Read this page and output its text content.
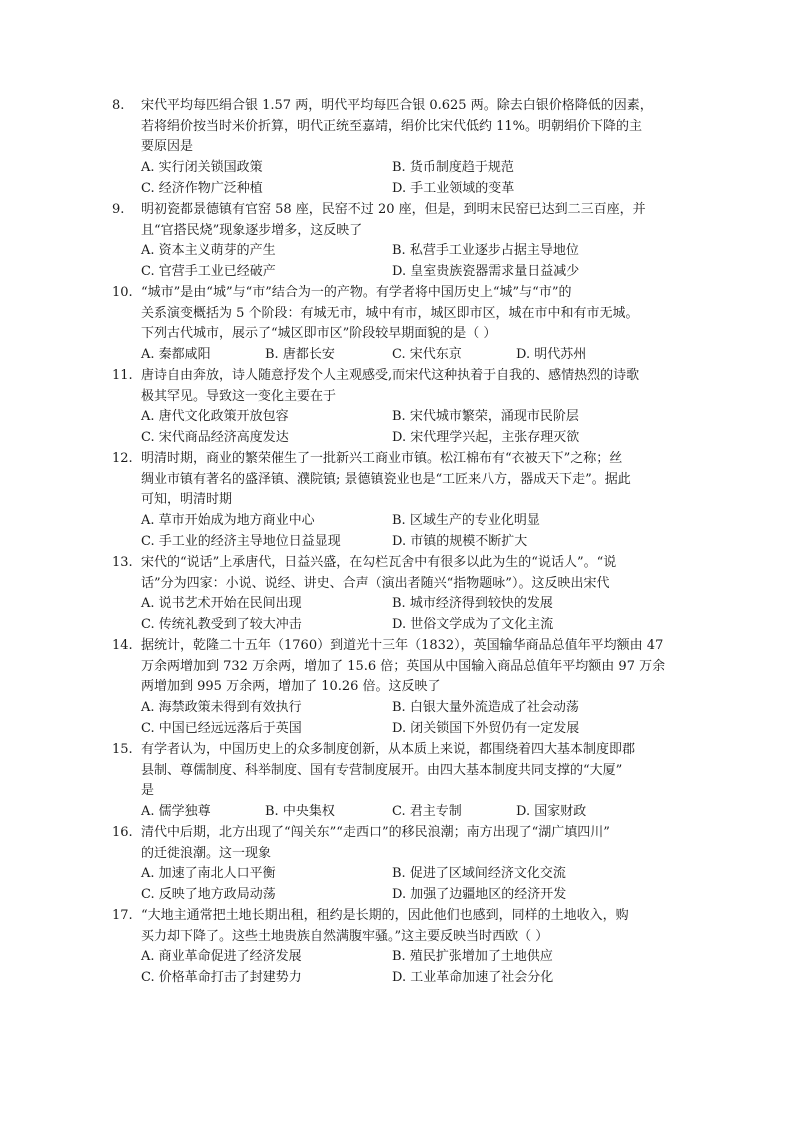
8. 宋代平均每匹绢合银 1.57 两，明代平均每匹合银 0.625 两。除去白银价格降低的因素，
若将绢价按当时米价折算，明代正统至嘉靖，绢价比宋代低约 11%。明朝绢价下降的主
要原因是
A. 实行闭关锁国政策	B. 货币制度趋于规范
C. 经济作物广泛种植	D. 手工业领域的变革
9. 明初瓷都景德镇有官窑 58 座，民窑不过 20 座，但是，到明末民窑已达到二三百座，并
且“官搭民烧”现象逐步增多，这反映了
A. 资本主义萌芽的产生	B. 私营手工业逐步占据主导地位
C. 官营手工业已经破产	D. 皇室贵族瓷器需求量日益减少
10. “城市”是由“城”与“市”结合为一的产物。有学者将中国历史上“城”与“市”的
关系演变概括为 5 个阶段：有城无市，城中有市，城区即市区，城在市中和有市无城。
下列古代城市，展示了“城区即市区”阶段较早期面貌的是（ ）
A. 秦都咸阳	B. 唐都长安	C. 宋代东京	D. 明代苏州
11. 唐诗自由奔放，诗人随意抒发个人主观感受,而宋代这种执着于自我的、感情热烈的诗歌
极其罕见。导致这一变化主要在于
A. 唐代文化政策开放包容	B. 宋代城市繁荣，涌现市民阶层
C. 宋代商品经济高度发达	D. 宋代理学兴起，主张存理灭欲
12. 明清时期，商业的繁荣催生了一批新兴工商业市镇。松江棉布有“衣被天下”之称；丝
绸业市镇有著名的盛泽镇、濮院镇; 景德镇瓷业也是“工匠来八方，器成天下走”。据此
可知，明清时期
A. 草市开始成为地方商业中心	B. 区域生产的专业化明显
C. 手工业的经济主导地位日益显现	D. 市镇的规模不断扩大
13. 宋代的“说话”上承唐代，日益兴盛，在勾栏瓦舍中有很多以此为生的“说话人”。“说
话”分为四家：小说、说经、讲史、合声（演出者随兴“指物题咏”）。这反映出宋代
A. 说书艺术开始在民间出现	B. 城市经济得到较快的发展
C. 传统礼教受到了较大冲击	D. 世俗文学成为了文化主流
14. 据统计，乾隆二十五年（1760）到道光十三年（1832），英国输华商品总值年平均额由 47
万余两增加到 732 万余两，增加了 15.6 倍；英国从中国输入商品总值年平均额由 97 万余
两增加到 995 万余两，增加了 10.26 倍。这反映了
A. 海禁政策未得到有效执行	B. 白银大量外流造成了社会动荡
C. 中国已经远远落后于英国	D. 闭关锁国下外贸仍有一定发展
15. 有学者认为，中国历史上的众多制度创新，从本质上来说，都围绕着四大基本制度即郡
县制、尊儒制度、科举制度、国有专营制度展开。由四大基本制度共同支撑的“大厦”
是
A. 儒学独尊	B. 中央集权	C. 君主专制	D. 国家财政
16. 清代中后期，北方出现了“闯关东”“走西口”的移民浪潮；南方出现了“湖广填四川”
的迁徙浪潮。这一现象
A. 加速了南北人口平衡	B. 促进了区域间经济文化交流
C. 反映了地方政局动荡	D. 加强了边疆地区的经济开发
17. “大地主通常把土地长期出租，租约是长期的，因此他们也感到，同样的土地收入，购
买力却下降了。这些土地贵族自然满腹牢骚。”这主要反映当时西欧（ ）
A. 商业革命促进了经济发展	B. 殖民扩张增加了土地供应
C. 价格革命打击了封建势力	D. 工业革命加速了社会分化
